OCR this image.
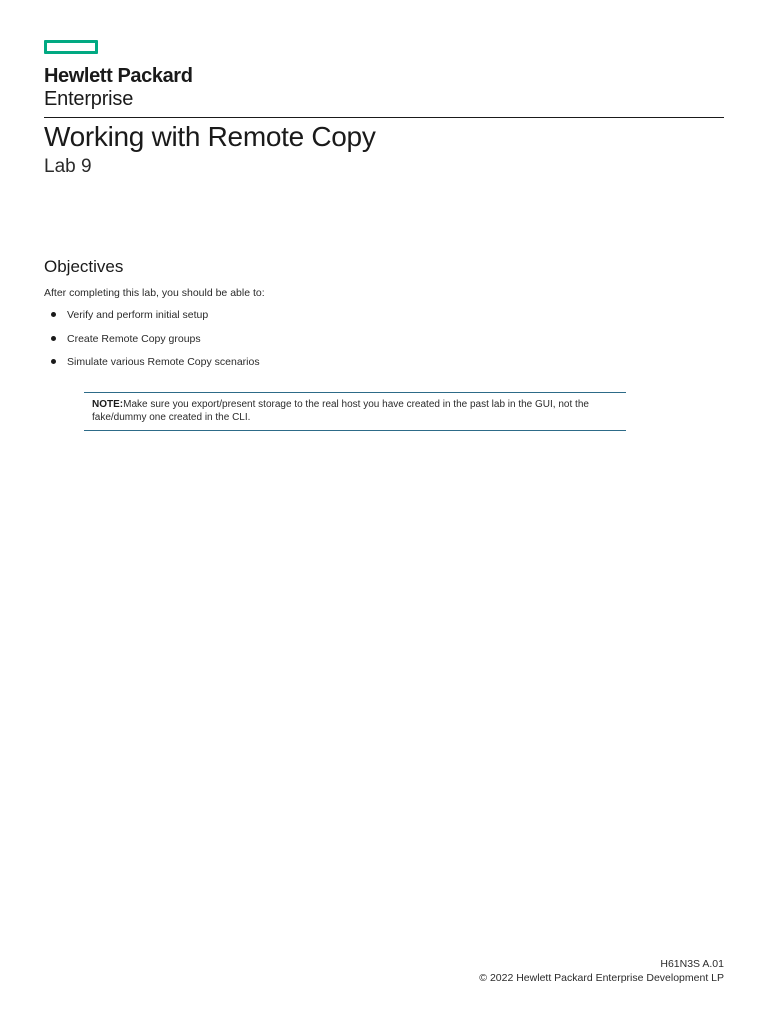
Hewlett Packard
Enterprise
Working with Remote Copy
Lab 9
Objectives

After completing this lab, you should be able to:

Verify and perform initial setup
Create Remote Copy groups
Simulate various Remote Copy scenarios
NOTE:Make sure you export/present storage to the real host you have created in the past lab in the GUI, not the fake/dummy one created in the CLI.
H61N3S A.01
© 2022 Hewlett Packard Enterprise Development LP
